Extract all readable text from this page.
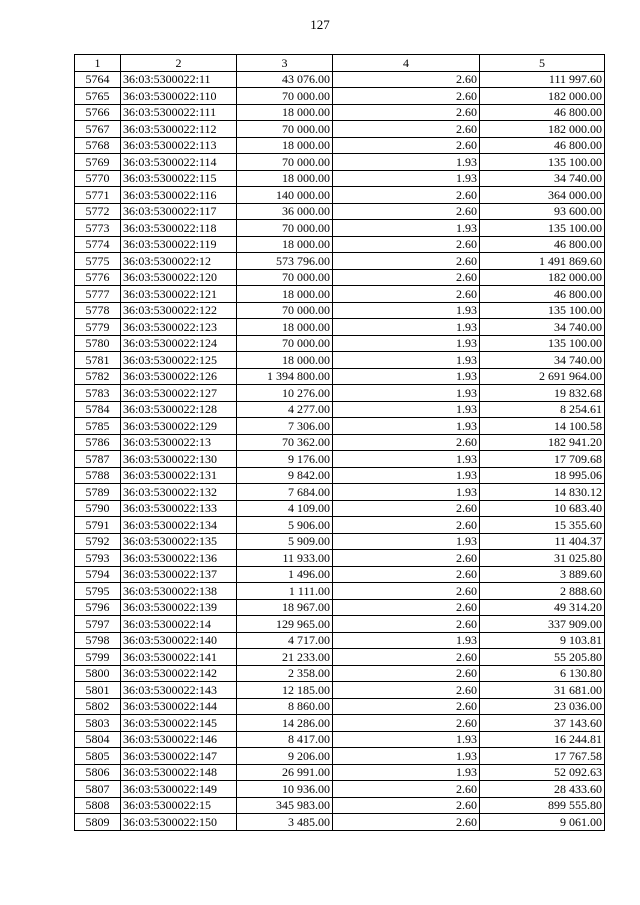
127
1	2	3	4	5
5764	36:03:5300022:11	43 076.00	2.60	111 997.60
5765	36:03:5300022:110	70 000.00	2.60	182 000.00
5766	36:03:5300022:111	18 000.00	2.60	46 800.00
5767	36:03:5300022:112	70 000.00	2.60	182 000.00
5768	36:03:5300022:113	18 000.00	2.60	46 800.00
5769	36:03:5300022:114	70 000.00	1.93	135 100.00
5770	36:03:5300022:115	18 000.00	1.93	34 740.00
5771	36:03:5300022:116	140 000.00	2.60	364 000.00
5772	36:03:5300022:117	36 000.00	2.60	93 600.00
5773	36:03:5300022:118	70 000.00	1.93	135 100.00
5774	36:03:5300022:119	18 000.00	2.60	46 800.00
5775	36:03:5300022:12	573 796.00	2.60	1 491 869.60
5776	36:03:5300022:120	70 000.00	2.60	182 000.00
5777	36:03:5300022:121	18 000.00	2.60	46 800.00
5778	36:03:5300022:122	70 000.00	1.93	135 100.00
5779	36:03:5300022:123	18 000.00	1.93	34 740.00
5780	36:03:5300022:124	70 000.00	1.93	135 100.00
5781	36:03:5300022:125	18 000.00	1.93	34 740.00
5782	36:03:5300022:126	1 394 800.00	1.93	2 691 964.00
5783	36:03:5300022:127	10 276.00	1.93	19 832.68
5784	36:03:5300022:128	4 277.00	1.93	8 254.61
5785	36:03:5300022:129	7 306.00	1.93	14 100.58
5786	36:03:5300022:13	70 362.00	2.60	182 941.20
5787	36:03:5300022:130	9 176.00	1.93	17 709.68
5788	36:03:5300022:131	9 842.00	1.93	18 995.06
5789	36:03:5300022:132	7 684.00	1.93	14 830.12
5790	36:03:5300022:133	4 109.00	2.60	10 683.40
5791	36:03:5300022:134	5 906.00	2.60	15 355.60
5792	36:03:5300022:135	5 909.00	1.93	11 404.37
5793	36:03:5300022:136	11 933.00	2.60	31 025.80
5794	36:03:5300022:137	1 496.00	2.60	3 889.60
5795	36:03:5300022:138	1 111.00	2.60	2 888.60
5796	36:03:5300022:139	18 967.00	2.60	49 314.20
5797	36:03:5300022:14	129 965.00	2.60	337 909.00
5798	36:03:5300022:140	4 717.00	1.93	9 103.81
5799	36:03:5300022:141	21 233.00	2.60	55 205.80
5800	36:03:5300022:142	2 358.00	2.60	6 130.80
5801	36:03:5300022:143	12 185.00	2.60	31 681.00
5802	36:03:5300022:144	8 860.00	2.60	23 036.00
5803	36:03:5300022:145	14 286.00	2.60	37 143.60
5804	36:03:5300022:146	8 417.00	1.93	16 244.81
5805	36:03:5300022:147	9 206.00	1.93	17 767.58
5806	36:03:5300022:148	26 991.00	1.93	52 092.63
5807	36:03:5300022:149	10 936.00	2.60	28 433.60
5808	36:03:5300022:15	345 983.00	2.60	899 555.80
5809	36:03:5300022:150	3 485.00	2.60	9 061.00
